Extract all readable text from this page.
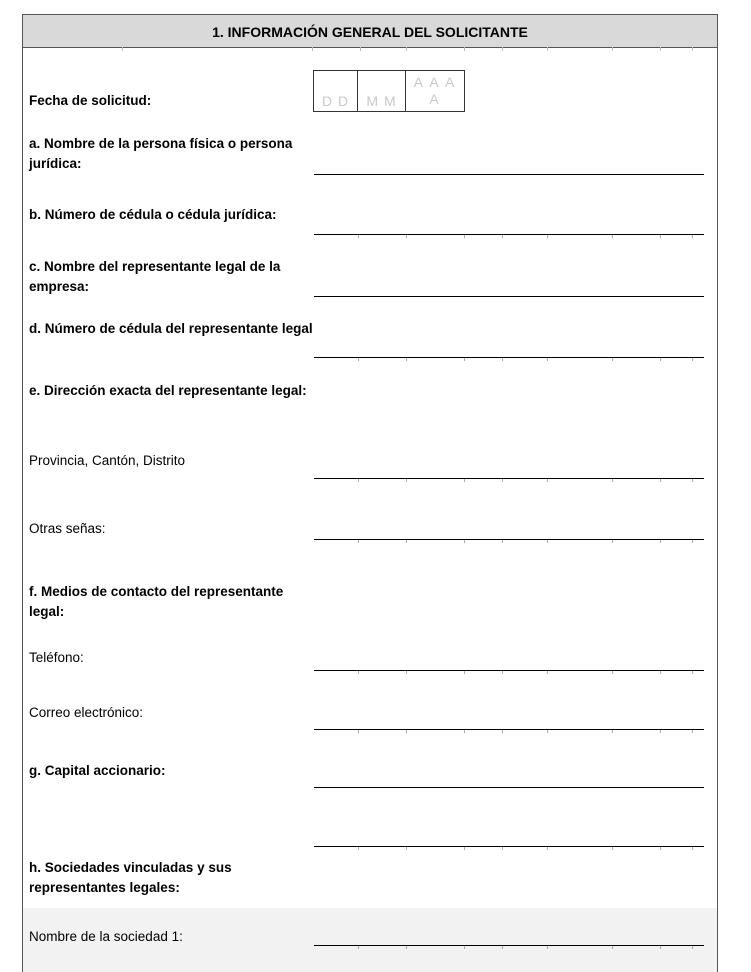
1. INFORMACIÓN GENERAL DEL SOLICITANTE
Fecha de solicitud:	D D	M M
A A A A
a. Nombre de la persona física o persona jurídica:
b. Número de cédula o cédula jurídica:
c. Nombre del representante legal de la empresa:
d. Número de cédula del representante legal
e. Dirección exacta del representante legal:
Provincia, Cantón, Distrito
Otras señas:
f. Medios de contacto del representante legal:
Teléfono:
Correo electrónico:
g. Capital accionario:
h. Sociedades vinculadas y sus representantes legales:
Nombre de la sociedad 1:
